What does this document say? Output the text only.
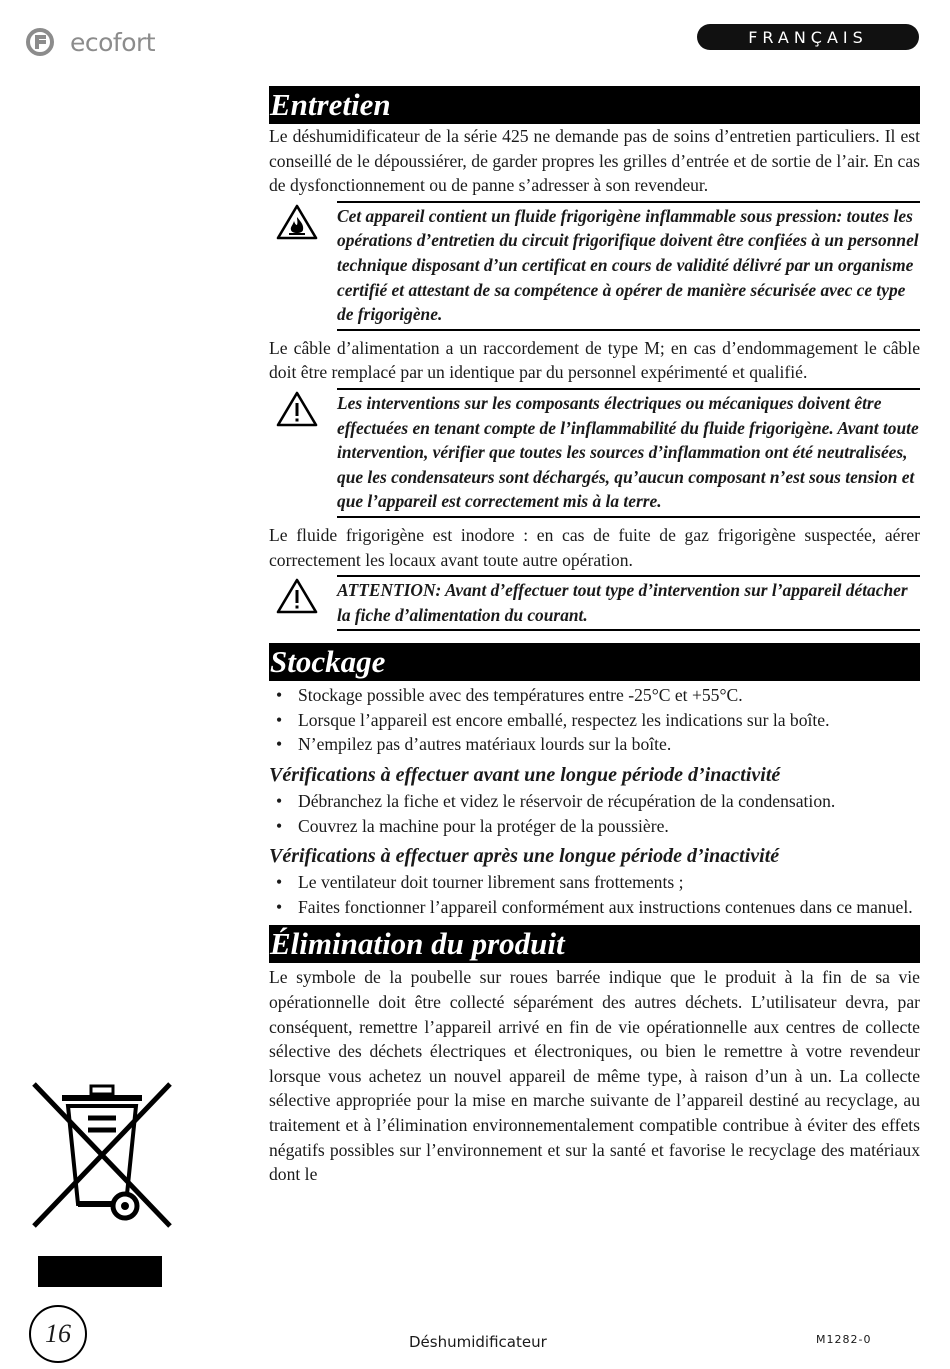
ecofort	FRANÇAIS
Entretien

Le déshumidificateur de la série 425 ne demande pas de soins d’entretien particuliers. Il est conseillé de le dépoussiérer, de garder propres les grilles d’entrée et de sortie de l’air. En cas de dysfonctionnement ou de panne s’adresser à son revendeur.

Cet appareil contient un fluide frigorigène inflammable sous pression: toutes les opérations d’entretien du circuit frigorifique doivent être confiées à un personnel technique disposant d’un certificat en cours de validité délivré par un organisme certifié et attestant de sa compétence à opérer de manière sécurisée avec ce type de frigorigène.

Le câble d’alimentation a un raccordement de type M; en cas d’endommagement le câble doit être remplacé par un identique par du personnel expérimenté et qualifié.

Les interventions sur les composants électriques ou mécaniques doivent être effectuées en tenant compte de l’inflammabilité du fluide frigorigène. Avant toute intervention, vérifier que toutes les sources d’inflammation ont été neutralisées, que les condensateurs sont déchargés, qu’aucun composant n’est sous tension et que l’appareil est correctement mis à la terre.

Le fluide frigorigène est inodore : en cas de fuite de gaz frigorigène suspectée, aérer correctement les locaux avant toute autre opération.

ATTENTION: Avant d’effectuer tout type d’intervention sur l’appareil détacher la fiche d’alimentation du courant.
Stockage
• Stockage possible avec des températures entre -25°C et +55°C.
• Lorsque l’appareil est encore emballé, respectez les indications sur la boîte.
• N’empilez pas d’autres matériaux lourds sur la boîte.
Vérifications à effectuer avant une longue période d’inactivité
• Débranchez la fiche et videz le réservoir de récupération de la condensation.
• Couvrez la machine pour la protéger de la poussière.
Vérifications à effectuer après une longue période d’inactivité
• Le ventilateur doit tourner librement sans frottements ;
• Faites fonctionner l’appareil conformément aux instructions contenues dans ce manuel.
Élimination du produit

Le symbole de la poubelle sur roues barrée indique que le produit à la fin de sa vie opérationnelle doit être collecté séparément des autres déchets. L’utilisateur devra, par conséquent, remettre l’appareil arrivé en fin de vie opérationnelle aux centres de collecte sélective des déchets électriques et électroniques, ou bien le remettre à votre revendeur lorsque vous achetez un nouvel appareil de même type, à raison d’un à un. La collecte sélective appropriée pour la mise en marche suivante de l’appareil destiné au recyclage, au traitement et à l’élimination environnementalement compatible contribue à éviter des effets négatifs possibles sur l’environnement et sur la santé et favorise le recyclage des matériaux dont le

16	Déshumidificateur	M1282-0
